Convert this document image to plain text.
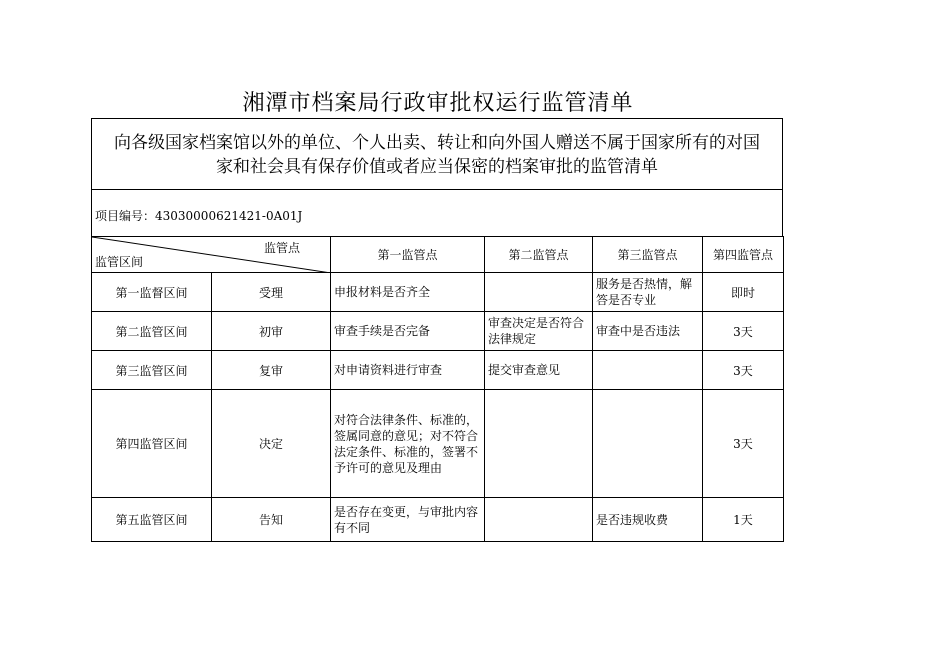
湘潭市档案局行政审批权运行监管清单
向各级国家档案馆以外的单位、个人出卖、转让和向外国人赠送不属于国家所有的对国
家和社会具有保存价值或者应当保密的档案审批的监管清单
项目编号：43030000621421-0A01J
监管点
监管区间		第一监管点	第二监管点	第三监管点	第四监管点
第一监督区间	受理	申报材料是否齐全		服务是否热情，解答是否专业	即时
第二监管区间	初审	审查手续是否完备	审查决定是否符合法律规定	审查中是否违法	3天
第三监管区间	复审	对申请资料进行审查	提交审查意见		3天
第四监管区间	决定	对符合法律条件、标准的，签属同意的意见；对不符合法定条件、标准的，签署不予许可的意见及理由			3天
第五监管区间	告知	是否存在变更，与审批内容有不同		是否违规收费	1天
